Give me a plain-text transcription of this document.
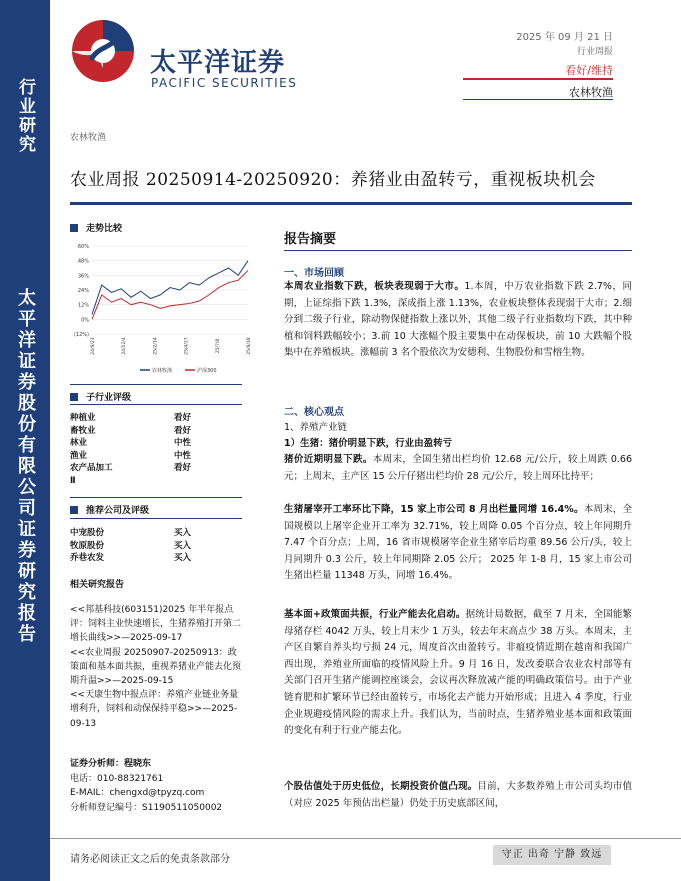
行业研究
太平洋证券股份有限公司证券研究报告
太平洋证券
PACIFIC SECURITIES
2025 年 09 月 21 日
行业周报
看好/维持
农林牧渔
农林牧渔
农业周报 20250914-20250920：养猪业由盈转亏，重视板块机会
走势比较
60%
48%
36%
24%
12%
0%
(12%)
24/9/23	24/12/4	25/2/14	25/4/27	25/7/8	25/9/18
农林牧渔	沪深300
子行业评级
种植业	看好
畜牧业	看好
林业	中性
渔业	中性
农产品加工	看好
Ⅱ
推荐公司及评级
中宠股份	买入
牧原股份	买入
乔巷农发	买入
相关研究报告
<<邦基科技(603151)2025 年半年报点评：饲料主业快速增长，生猪养殖打开第二增长曲线>>—2025-09-17
<<农业周报 20250907-20250913：政策面和基本面共振，重视养猪业产能去化预期升温>>—2025-09-15
<<天康生物中报点评：养殖产业链业务量增利升，饲料和动保保持平稳>>—2025-09-13
证券分析师：程晓东
电话：010-88321761
E-MAIL：chengxd@tpyzq.com
分析师登记编号：S1190511050002
报告摘要
一、市场回顾

本周农业指数下跌，板块表现弱于大市。1.本周，中万农业指数下跌 2.7%，同期，上证综指下跌 1.3%，深成指上涨 1.13%，农业板块整体表现弱于大市；2.细分到二级子行业，除动物保健指数上涨以外，其他二级子行业指数均下跌，其中种植和饲料跌幅较小；3.前 10 大涨幅个股主要集中在动保板块，前 10 大跌幅个股集中在养殖板块。涨幅前 3 名个股依次为安德利、生物股份和雪榕生物。

二、核心观点
1、养殖产业链
1）生猪：猪价明显下跌，行业由盈转亏

猪价近期明显下跌。本周末，全国生猪出栏均价 12.68 元/公斤，较上周跌 0.66 元；上周末，主产区 15 公斤仔猪出栏均价 28 元/公斤，较上周环比持平；

生猪屠宰开工率环比下降，15 家上市公司 8 月出栏量同增 16.4%。本周末，全国规模以上屠宰企业开工率为 32.71%，较上周降 0.05 个百分点，较上年同期升 7.47 个百分点；上周，16 省市规模屠宰企业生猪宰后均重 89.56 公斤/头，较上月同期升 0.3 公斤，较上年同期降 2.05 公斤； 2025 年 1-8 月，15 家上市公司生猪出栏量 11348 万头，同增 16.4%。

基本面+政策面共振，行业产能去化启动。据统计局数据，截至 7 月末，全国能繁母猪存栏 4042 万头，较上月末少 1 万头，较去年末高点少 38 万头。本周末，主产区自繁自养头均亏损 24 元，周度首次由盈转亏。非瘟疫情近期在越南和我国广西出现，养殖业所面临的疫情风险上升。9 月 16 日，发改委联合农业农村部等有关部门召开生猪产能调控座谈会，会议再次释放减产能的明确政策信号。由于产业链育肥和扩繁环节已经由盈转亏，市场化去产能力开始形成；且进入 4 季度，行业企业规避疫情风险的需求上升。我们认为，当前时点，生猪养殖业基本面和政策面的变化有利于行业产能去化。

个股估值处于历史低位，长期投资价值凸现。目前，大多数养殖上市公司头均市值（对应 2025 年预估出栏量）仍处于历史底部区间，

请务必阅读正文之后的免责条款部分	守正 出奇 宁静 致远
